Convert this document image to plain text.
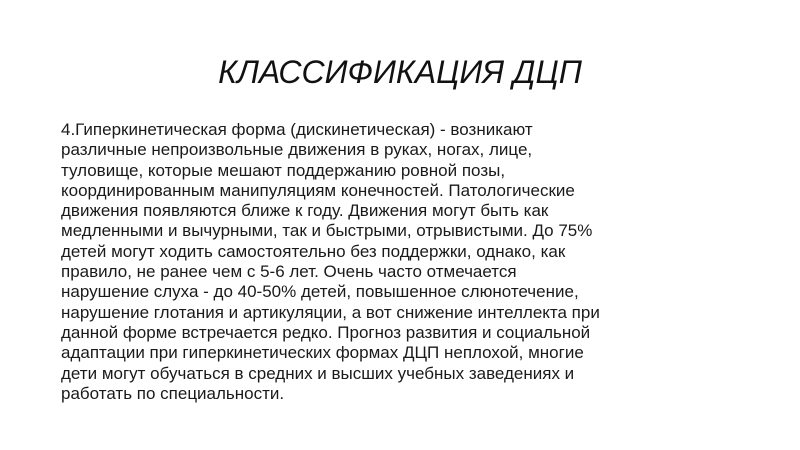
КЛАССИФИКАЦИЯ ДЦП
4.Гиперкинетическая форма (дискинетическая) - возникают
различные непроизвольные движения в руках, ногах, лице,
туловище, которые мешают поддержанию ровной позы,
координированным манипуляциям конечностей. Патологические
движения появляются ближе к году. Движения могут быть как
медленными и вычурными, так и быстрыми, отрывистыми. До 75%
детей могут ходить самостоятельно без поддержки, однако, как
правило, не ранее чем с 5-6 лет. Очень часто отмечается
нарушение слуха - до 40-50% детей, повышенное слюнотечение,
нарушение глотания и артикуляции, а вот снижение интеллекта при
данной форме встречается редко. Прогноз развития и социальной
адаптации при гиперкинетических формах ДЦП неплохой, многие
дети могут обучаться в средних и высших учебных заведениях и
работать по специальности.
